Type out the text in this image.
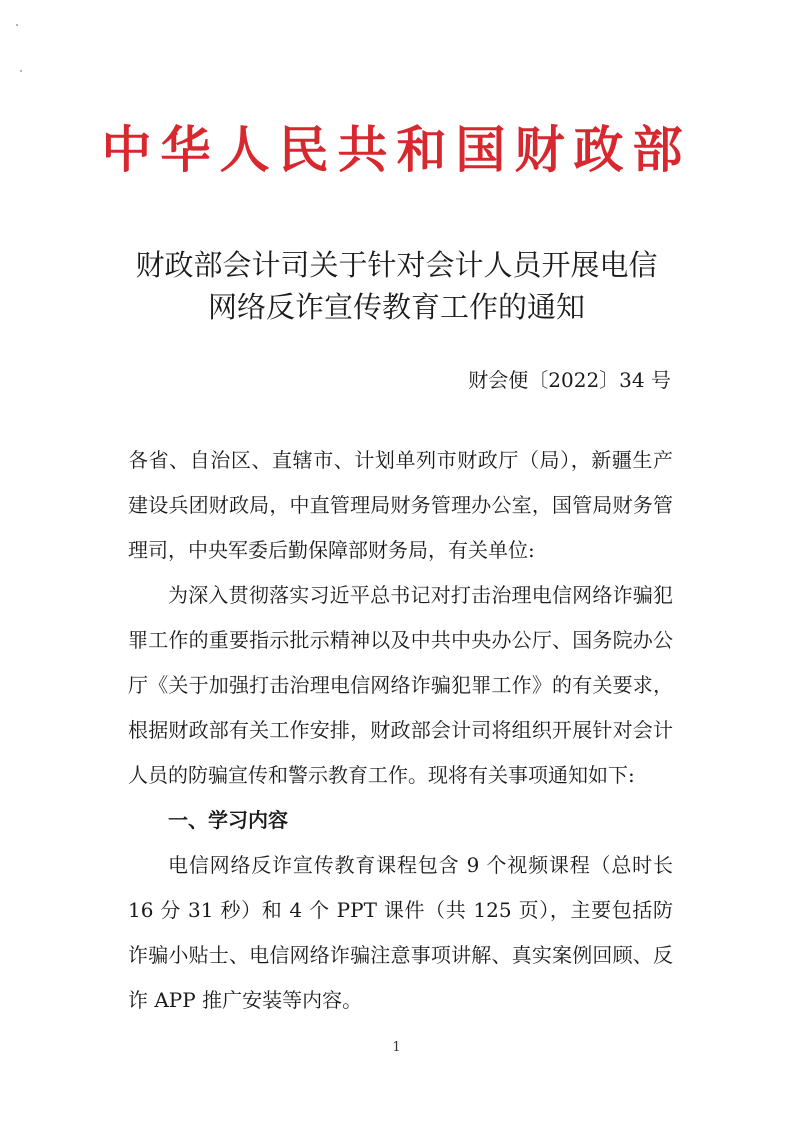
中华人民共和国财政部
财政部会计司关于针对会计人员开展电信
网络反诈宣传教育工作的通知
财会便〔2022〕34 号
各省、自治区、直辖市、计划单列市财政厅（局），新疆生产建设兵团财政局，中直管理局财务管理办公室，国管局财务管理司，中央军委后勤保障部财务局，有关单位:
为深入贯彻落实习近平总书记对打击治理电信网络诈骗犯罪工作的重要指示批示精神以及中共中央办公厅、国务院办公厅《关于加强打击治理电信网络诈骗犯罪工作》的有关要求，根据财政部有关工作安排，财政部会计司将组织开展针对会计人员的防骗宣传和警示教育工作。现将有关事项通知如下:
一、学习内容
电信网络反诈宣传教育课程包含 9 个视频课程（总时长 16 分 31 秒）和 4 个 PPT 课件（共 125 页），主要包括防诈骗小贴士、电信网络诈骗注意事项讲解、真实案例回顾、反诈 APP 推广安装等内容。
1
